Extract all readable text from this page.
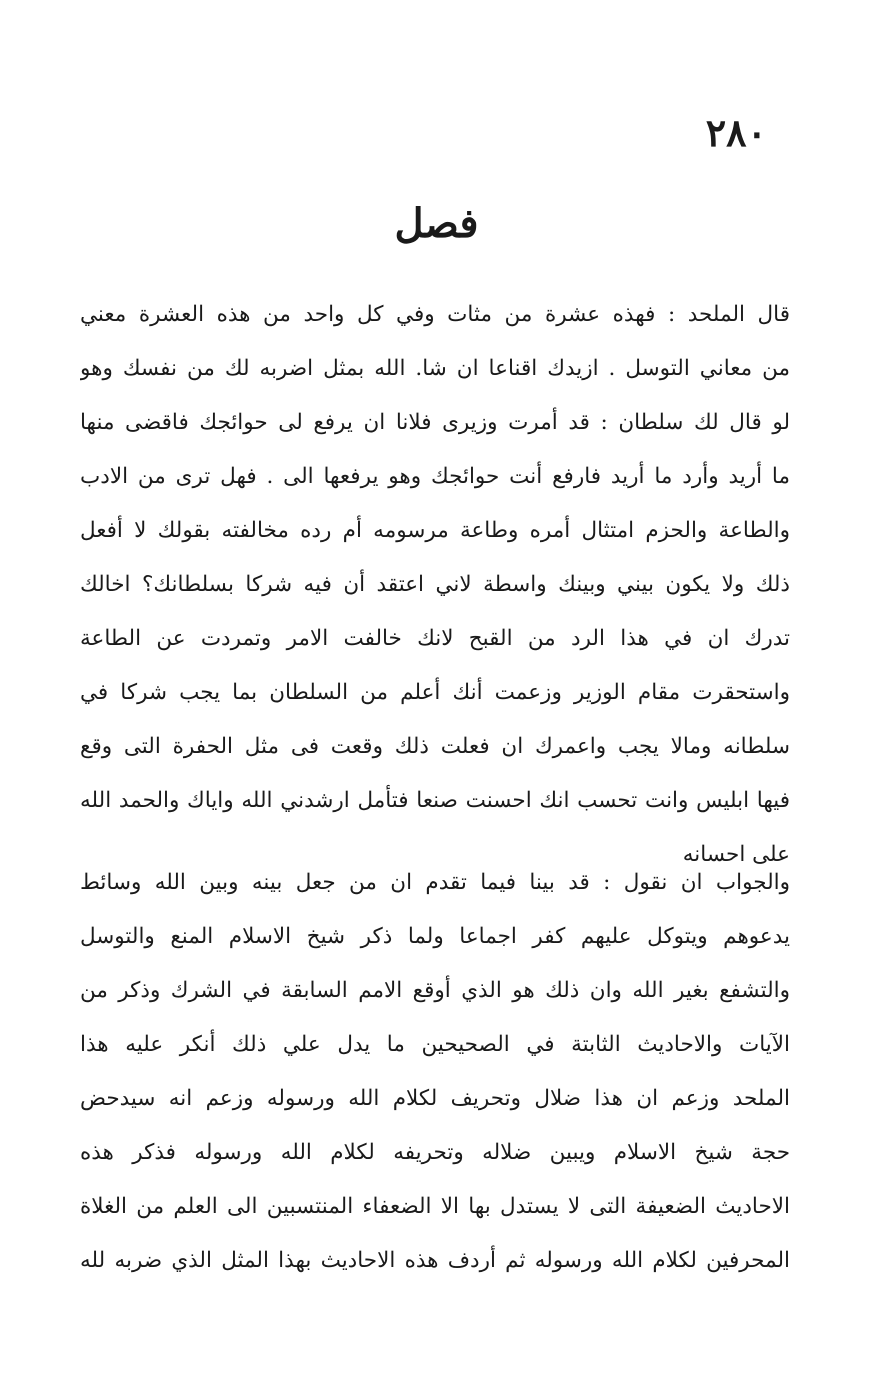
٢٨٠
فصل
قال الملحد : فهذه عشرة من مثات وفي كل واحد من هذه العشرة معني
من معاني التوسل . ازيدك اقناعا ان شا. الله بمثل اضربه لك من نفسك وهو
لو قال لك سلطان : قد أمرت وزيرى فلانا ان يرفع لى حوائجك فاقضى منها
ما أريد وأرد ما أريد فارفع أنت حوائجك وهو يرفعها الى . فهل ترى من الادب
والطاعة والحزم امتثال أمره وطاعة مرسومه أم رده مخالفته بقولك لا أفعل
ذلك ولا يكون بيني وبينك واسطة لاني اعتقد أن فيه شركا بسلطانك؟ اخالك
تدرك ان في هذا الرد من القبح لانك خالفت الامر وتمردت عن الطاعة
واستحقرت مقام الوزير وزعمت أنك أعلم من السلطان بما يجب شركا في
سلطانه ومالا يجب واعمرك ان فعلت ذلك وقعت فى مثل الحفرة التى وقع
فيها ابليس وانت تحسب انك احسنت صنعا فتأمل ارشدني الله واياك والحمد الله
على احسانه
والجواب ان نقول : قد بينا فيما تقدم ان من جعل بينه وبين الله وسائط
يدعوهم ويتوكل عليهم كفر اجماعا ولما ذكر شيخ الاسلام المنع والتوسل
والتشفع بغير الله وان ذلك هو الذي أوقع الامم السابقة في الشرك وذكر من
الآيات والاحاديث الثابتة في الصحيحين ما يدل علي ذلك أنكر عليه هذا
الملحد وزعم ان هذا ضلال وتحريف لكلام الله ورسوله وزعم انه سيدحض
حجة شيخ الاسلام ويبين ضلاله وتحريفه لكلام الله ورسوله فذكر هذه
الاحاديث الضعيفة التى لا يستدل بها الا الضعفاء المنتسبين الى العلم من الغلاة
المحرفين لكلام الله ورسوله ثم أردف هذه الاحاديث بهذا المثل الذي ضربه لله
